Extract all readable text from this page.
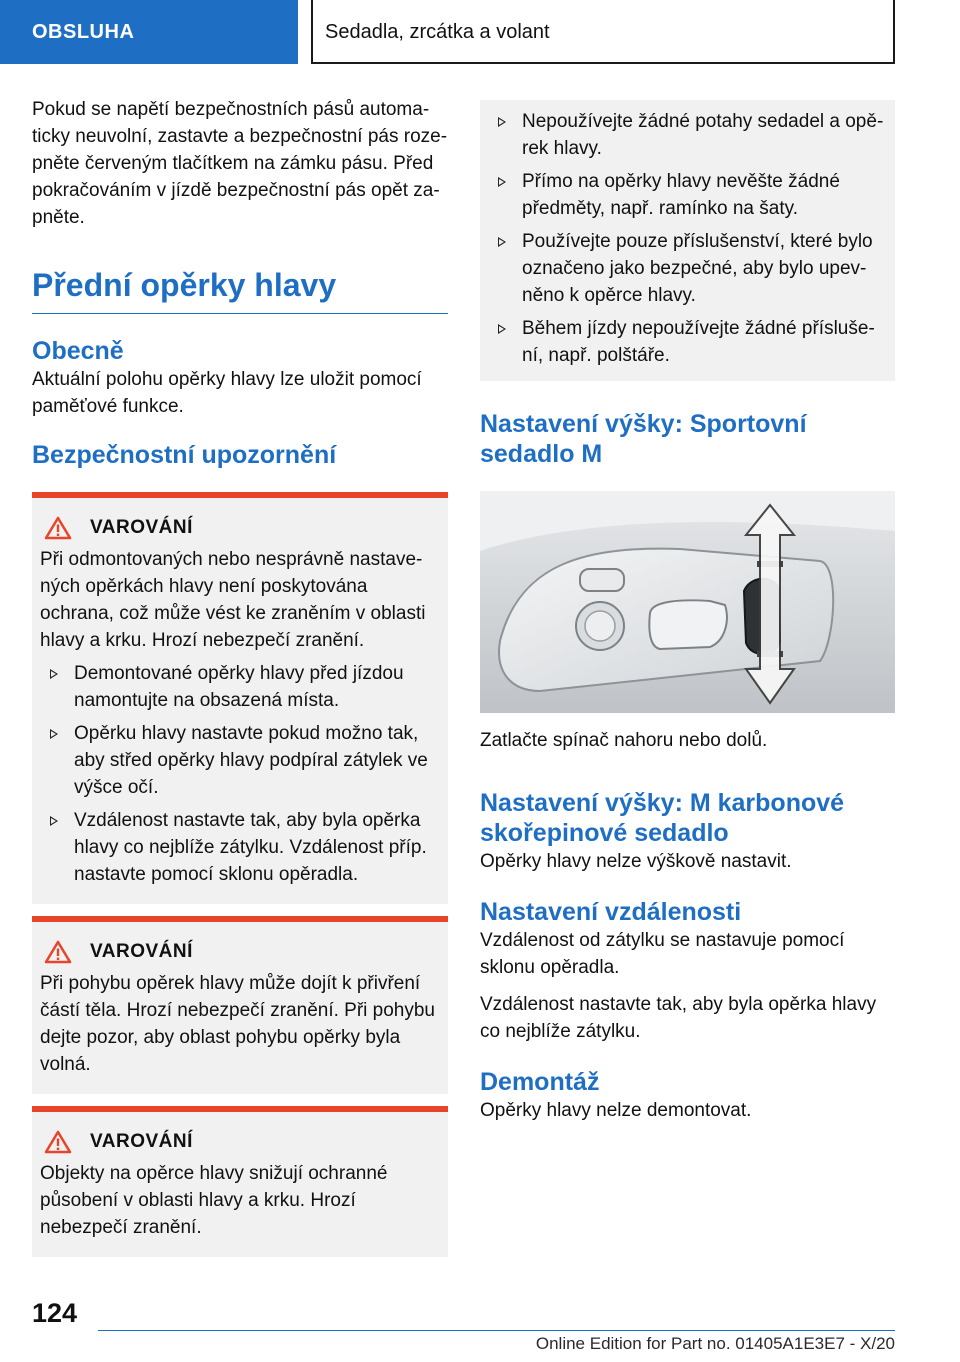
OBSLUHA	Sedadla, zrcátka a volant

Pokud se napětí bezpečnostních pásů automaticky neuvolní, zastavte a bezpečnostní pás rozepněte červeným tlačítkem na zámku pásu. Před pokračováním v jízdě bezpečnostní pás opět zapněte.

Přední opěrky hlavy
Obecně

Aktuální polohu opěrky hlavy lze uložit pomocí paměťové funkce.

Bezpečnostní upozornění
VAROVÁNÍ

Při odmontovaných nebo nesprávně nastavených opěrkách hlavy není poskytována ochrana, což může vést ke zraněním v oblasti hlavy a krku. Hrozí nebezpečí zranění.

Demontované opěrky hlavy před jízdou namontujte na obsazená místa.
Opěrku hlavy nastavte pokud možno tak, aby střed opěrky hlavy podpíral zátylek ve výšce očí.
Vzdálenost nastavte tak, aby byla opěrka hlavy co nejblíže zátylku. Vzdálenost příp. nastavte pomocí sklonu opěradla.
VAROVÁNÍ

Při pohybu opěrek hlavy může dojít k přivření částí těla. Hrozí nebezpečí zranění. Při pohybu dejte pozor, aby oblast pohybu opěrky byla volná.

VAROVÁNÍ

Objekty na opěrce hlavy snižují ochranné působení v oblasti hlavy a krku. Hrozí nebezpečí zranění.

Nepoužívejte žádné potahy sedadel a opěrek hlavy.
Přímo na opěrky hlavy nevěšte žádné předměty, např. ramínko na šaty.
Používejte pouze příslušenství, které bylo označeno jako bezpečné, aby bylo upevněno k opěrce hlavy.
Během jízdy nepoužívejte žádné příslušení, např. polštáře.
Nastavení výšky: Sportovní sedadlo M

Zatlačte spínač nahoru nebo dolů.

Nastavení výšky: M karbonové skořepinové sedadlo

Opěrky hlavy nelze výškově nastavit.

Nastavení vzdálenosti

Vzdálenost od zátylku se nastavuje pomocí sklonu opěradla.

Vzdálenost nastavte tak, aby byla opěrka hlavy co nejblíže zátylku.

Demontáž

Opěrky hlavy nelze demontovat.

124
Online Edition for Part no. 01405A1E3E7 - X/20
